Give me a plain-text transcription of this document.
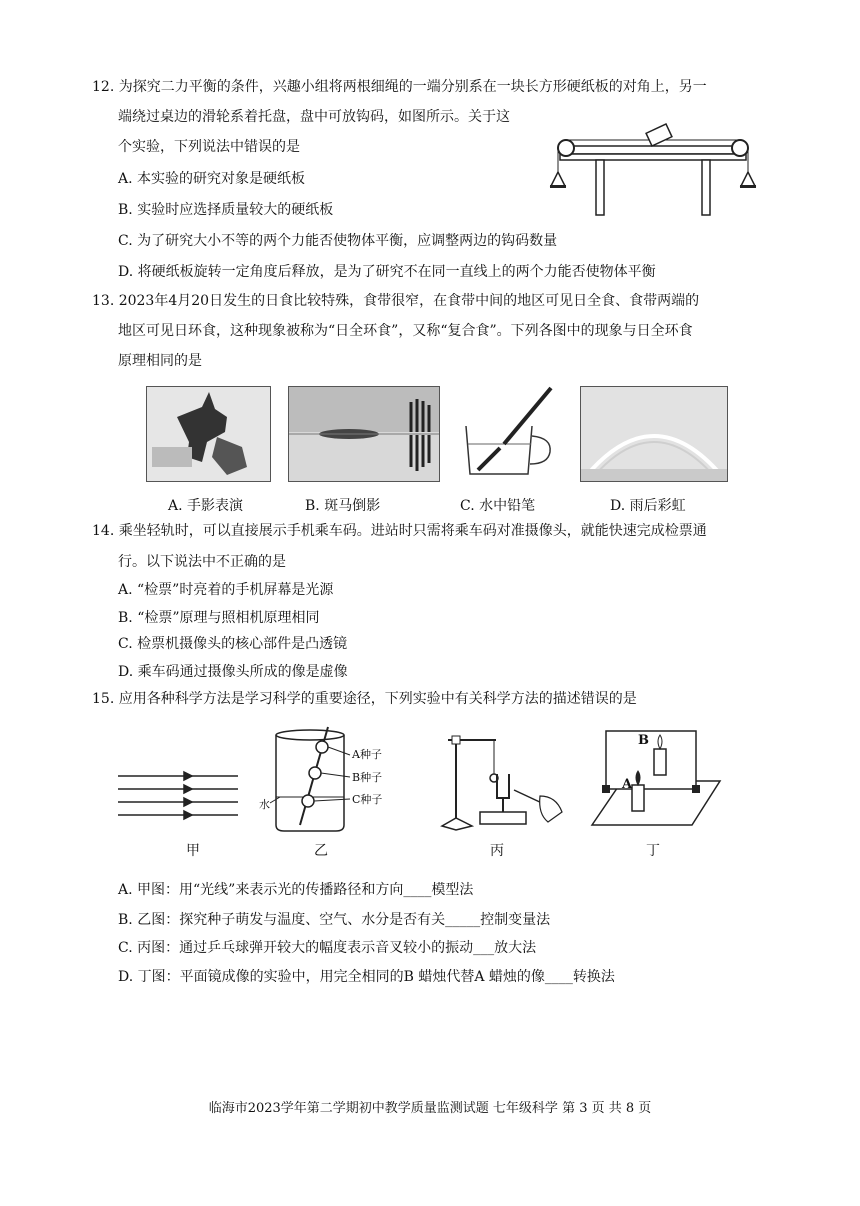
12. 为探究二力平衡的条件，兴趣小组将两根细绳的一端分别系在一块长方形硬纸板的对角上，另一
端绕过桌边的滑轮系着托盘，盘中可放钩码，如图所示。关于这
个实验，下列说法中错误的是
A. 本实验的研究对象是硬纸板
B. 实验时应选择质量较大的硬纸板
C. 为了研究大小不等的两个力能否使物体平衡，应调整两边的钩码数量
D. 将硬纸板旋转一定角度后释放，是为了研究不在同一直线上的两个力能否使物体平衡
13. 2023年4月20日发生的日食比较特殊，食带很窄，在食带中间的地区可见日全食、食带两端的
地区可见日环食，这种现象被称为“日全环食”，又称“复合食”。下列各图中的现象与日全环食
原理相同的是
A. 手影表演	B. 斑马倒影	C. 水中铅笔	D. 雨后彩虹
14. 乘坐轻轨时，可以直接展示手机乘车码。进站时只需将乘车码对准摄像头，就能快速完成检票通
行。以下说法中不正确的是
A. “检票”时亮着的手机屏幕是光源
B. “检票”原理与照相机原理相同
C. 检票机摄像头的核心部件是凸透镜
D. 乘车码通过摄像头所成的像是虚像
15. 应用各种科学方法是学习科学的重要途径，下列实验中有关科学方法的描述错误的是
甲
A种子
B种子
C种子
水
乙	丙
B
A
丁
A. 甲图：用“光线”来表示光的传播路径和方向____模型法
B. 乙图：探究种子萌发与温度、空气、水分是否有关_____控制变量法
C. 丙图：通过乒乓球弹开较大的幅度表示音叉较小的振动___放大法
D. 丁图：平面镜成像的实验中，用完全相同的B 蜡烛代替A 蜡烛的像____转换法
临海市2023学年第二学期初中教学质量监测试题 七年级科学 第 3 页 共 8 页
